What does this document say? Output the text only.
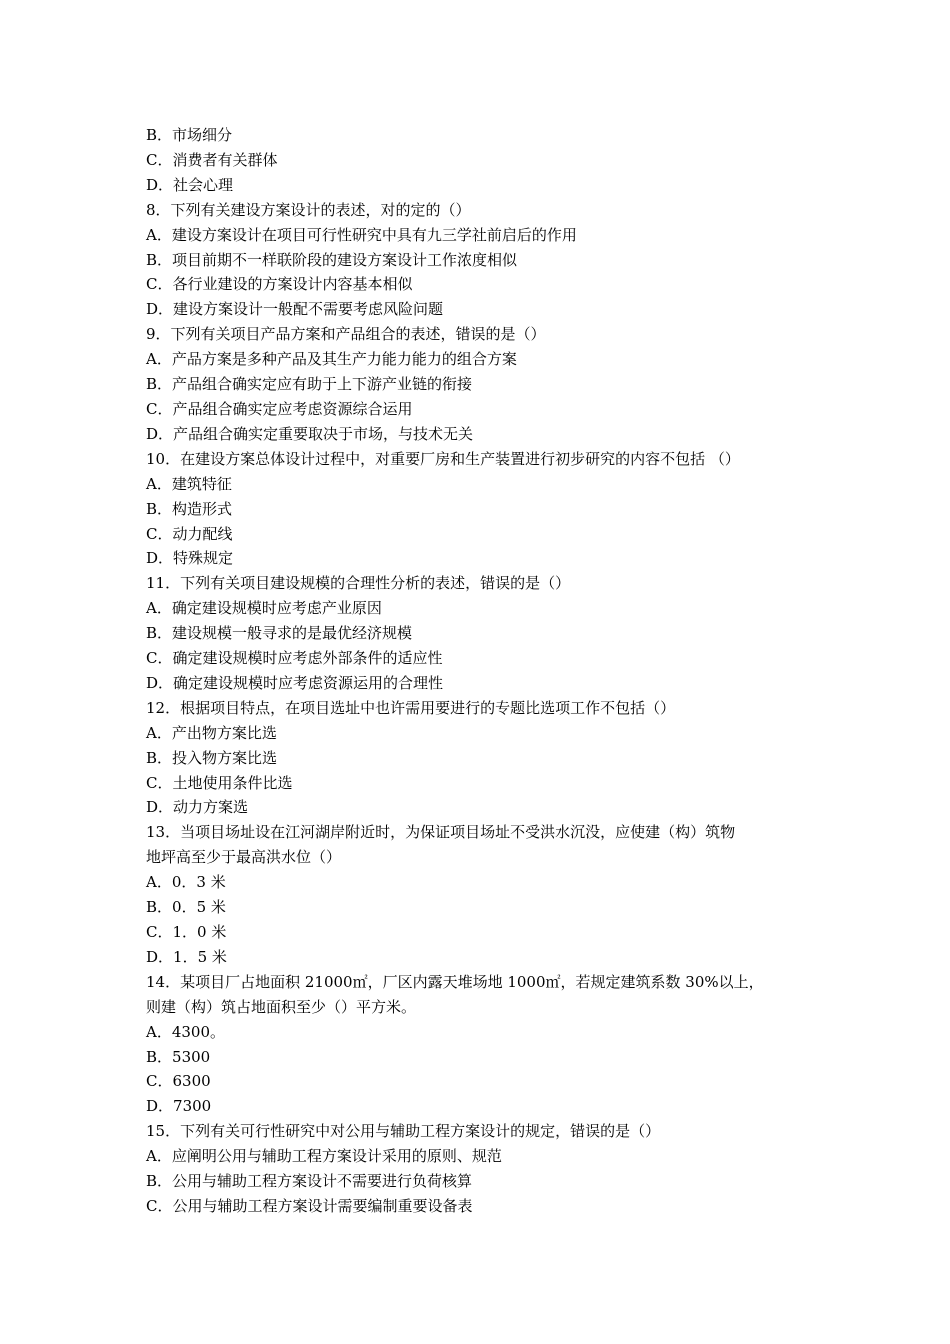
B．市场细分

C．消费者有关群体

D．社会心理

8．下列有关建设方案设计的表述，对的定的（）

A．建设方案设计在项目可行性研究中具有九三学社前启后的作用

B．项目前期不一样联阶段的建设方案设计工作浓度相似

C．各行业建设的方案设计内容基本相似

D．建设方案设计一般配不需要考虑风险问题

9．下列有关项目产品方案和产品组合的表述，错误的是（）

A．产品方案是多种产品及其生产力能力能力的组合方案

B．产品组合确实定应有助于上下游产业链的衔接

C．产品组合确实定应考虑资源综合运用

D．产品组合确实定重要取决于市场，与技术无关

10．在建设方案总体设计过程中，对重要厂房和生产装置进行初步研究的内容不包括 （）

A．建筑特征

B．构造形式

C．动力配线

D．特殊规定

11．下列有关项目建设规模的合理性分析的表述，错误的是（）

A．确定建设规模时应考虑产业原因

B．建设规模一般寻求的是最优经济规模

C．确定建设规模时应考虑外部条件的适应性

D．确定建设规模时应考虑资源运用的合理性

12．根据项目特点，在项目选址中也许需用要进行的专题比选项工作不包括（）

A．产出物方案比选

B．投入物方案比选

C．土地使用条件比选

D．动力方案选

13．当项目场址设在江河湖岸附近时，为保证项目场址不受洪水沉没，应使建（构）筑物

地坪高至少于最高洪水位（）

A．0．3 米

B．0．5 米

C．1．0 米

D．1．5 米

14．某项目厂占地面积 21000㎡，厂区内露天堆场地 1000㎡，若规定建筑系数 30%以上，

则建（构）筑占地面积至少（）平方米。

A．4300。

B．5300

C．6300

D．7300

15．下列有关可行性研究中对公用与辅助工程方案设计的规定，错误的是（）

A．应阐明公用与辅助工程方案设计采用的原则、规范

B．公用与辅助工程方案设计不需要进行负荷核算

C．公用与辅助工程方案设计需要编制重要设备表
